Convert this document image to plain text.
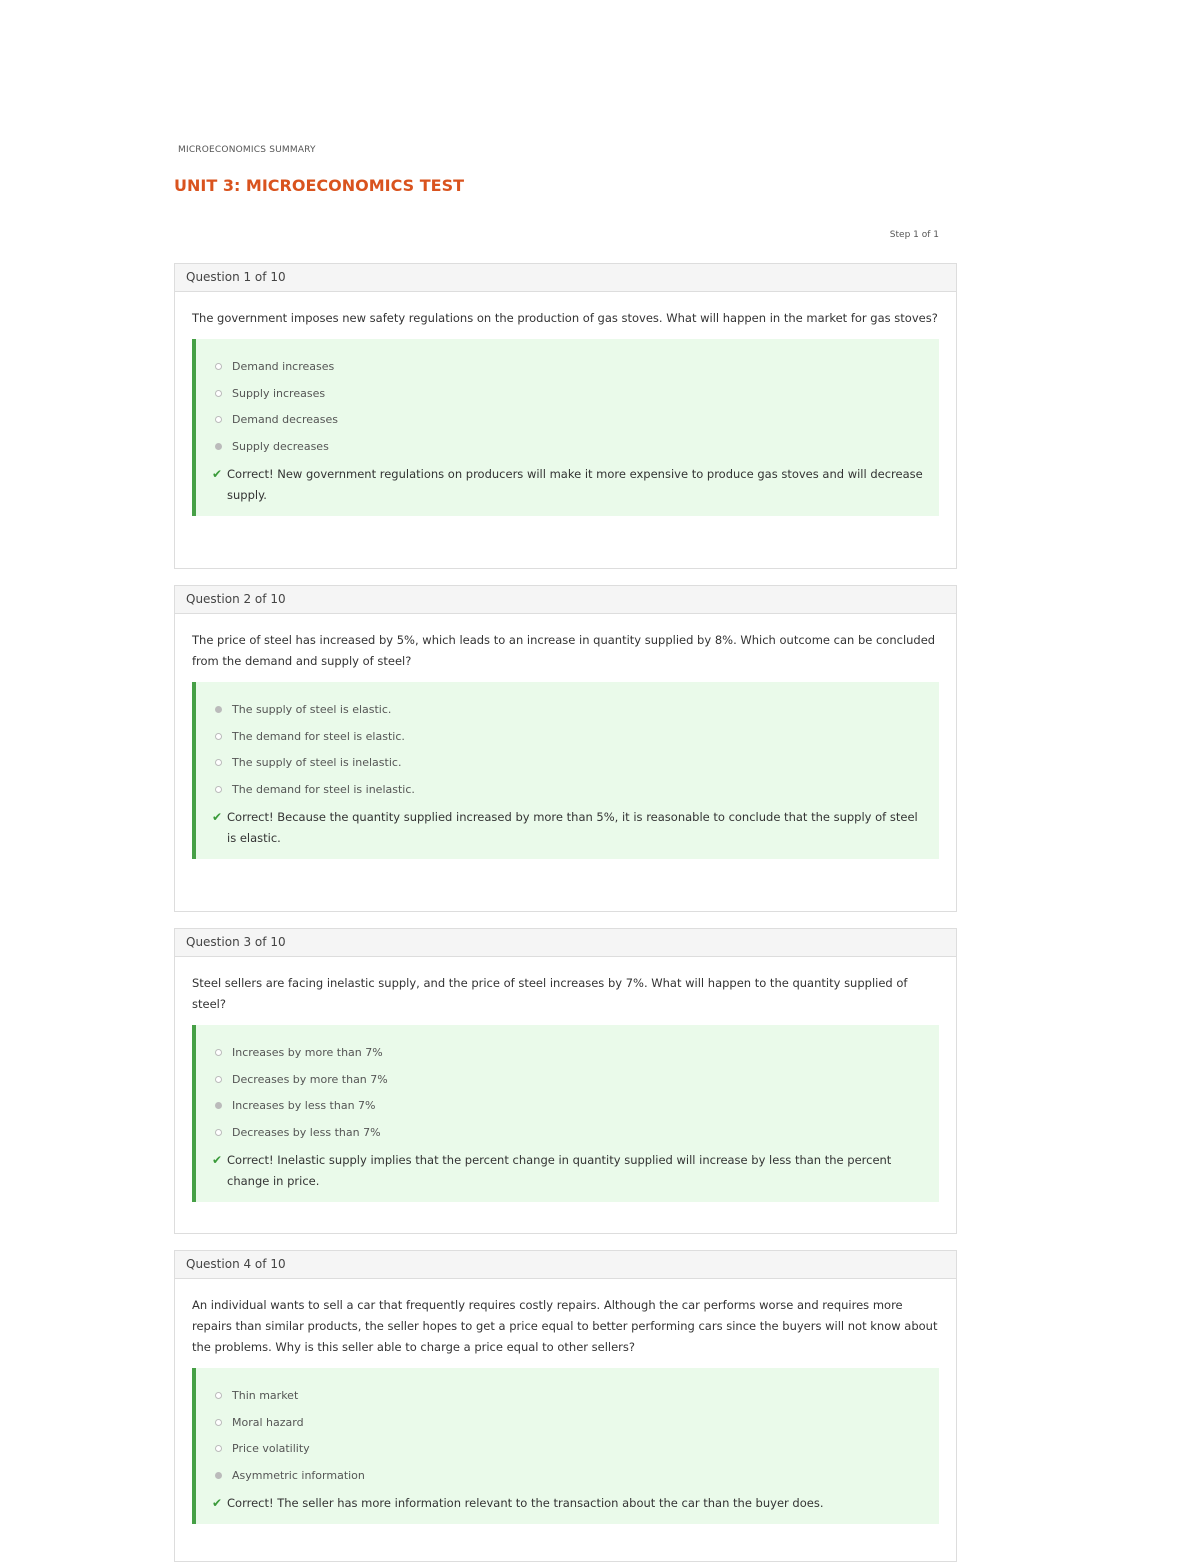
MICROECONOMICS SUMMARY
UNIT 3: MICROECONOMICS TEST
Step 1 of 1
Question 1 of 10

The government imposes new safety regulations on the production of gas stoves. What will happen in the market for gas stoves?

Demand increases
Supply increases
Demand decreases
Supply decreases
✔ Correct! New government regulations on producers will make it more expensive to produce gas stoves and will decrease supply.
Question 2 of 10

The price of steel has increased by 5%, which leads to an increase in quantity supplied by 8%. Which outcome can be concluded from the demand and supply of steel?

The supply of steel is elastic.
The demand for steel is elastic.
The supply of steel is inelastic.
The demand for steel is inelastic.
✔ Correct! Because the quantity supplied increased by more than 5%, it is reasonable to conclude that the supply of steel is elastic.
Question 3 of 10

Steel sellers are facing inelastic supply, and the price of steel increases by 7%. What will happen to the quantity supplied of steel?

Increases by more than 7%
Decreases by more than 7%
Increases by less than 7%
Decreases by less than 7%
✔ Correct! Inelastic supply implies that the percent change in quantity supplied will increase by less than the percent change in price.
Question 4 of 10

An individual wants to sell a car that frequently requires costly repairs. Although the car performs worse and requires more repairs than similar products, the seller hopes to get a price equal to better performing cars since the buyers will not know about the problems. Why is this seller able to charge a price equal to other sellers?

Thin market
Moral hazard
Price volatility
Asymmetric information
✔ Correct! The seller has more information relevant to the transaction about the car than the buyer does.
